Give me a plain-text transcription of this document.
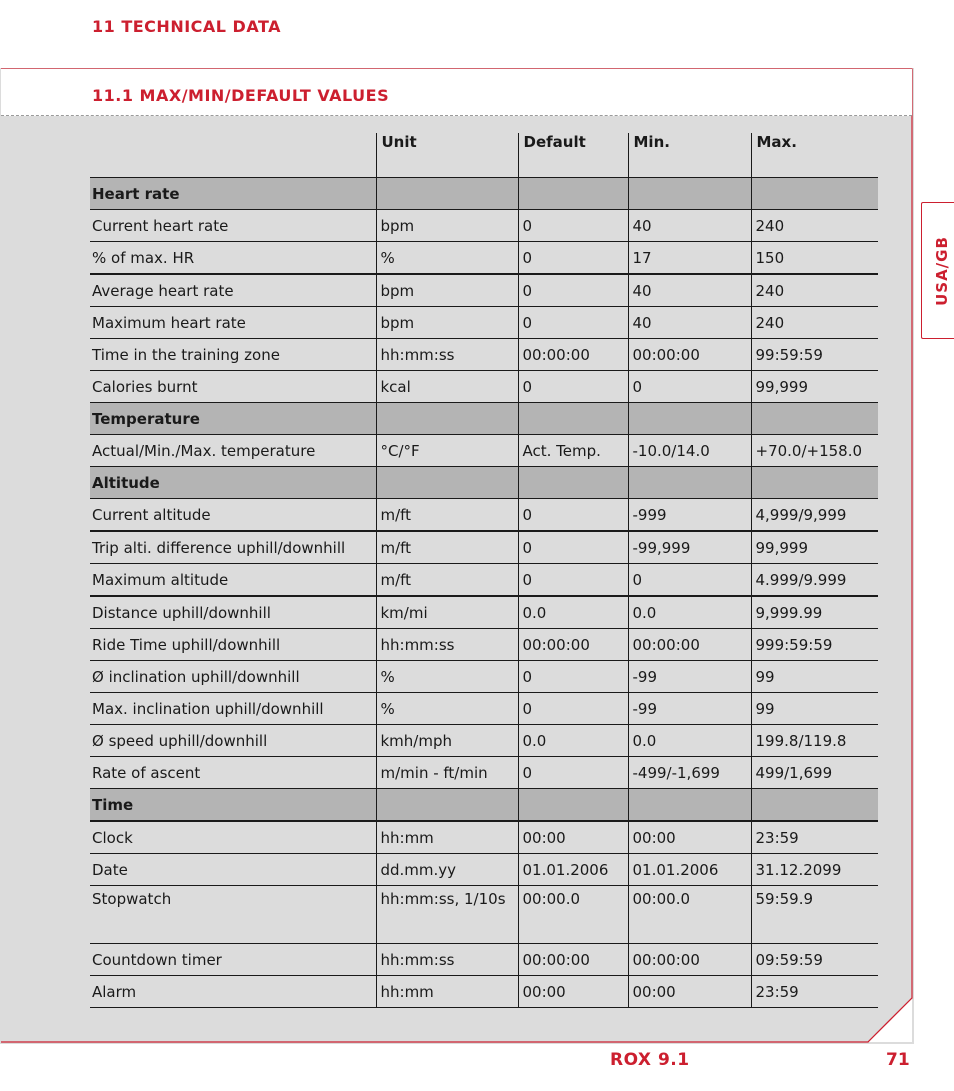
11 TECHNICAL DATA
11.1 MAX/MIN/DEFAULT VALUES
USA/GB
	Unit	Default	Min.	Max.
Heart rate				
Current heart rate	bpm	0	40	240
% of max. HR	%	0	17	150
Average heart rate	bpm	0	40	240
Maximum heart rate	bpm	0	40	240
Time in the training zone	hh:mm:ss	00:00:00	00:00:00	99:59:59
Calories burnt	kcal	0	0	99,999
Temperature				
Actual/Min./Max. temperature	°C/°F	Act. Temp.	-10.0/14.0	+70.0/+158.0
Altitude				
Current altitude	m/ft	0	-999	4,999/9,999
Trip alti. difference uphill/downhill	m/ft	0	-99,999	99,999
Maximum altitude	m/ft	0	0	4.999/9.999
Distance uphill/downhill	km/mi	0.0	0.0	9,999.99
Ride Time uphill/downhill	hh:mm:ss	00:00:00	00:00:00	999:59:59
Ø inclination uphill/downhill	%	0	-99	99
Max. inclination uphill/downhill	%	0	-99	99
Ø speed uphill/downhill	kmh/mph	0.0	0.0	199.8/119.8
Rate of ascent	m/min - ft/min	0	-499/-1,699	499/1,699
Time				
Clock	hh:mm	00:00	00:00	23:59
Date	dd.mm.yy	01.01.2006	01.01.2006	31.12.2099
Stopwatch	hh:mm:ss, 1/10s	00:00.0	00:00.0	59:59.9
Countdown timer	hh:mm:ss	00:00:00	00:00:00	09:59:59
Alarm	hh:mm	00:00	00:00	23:59
ROX 9.1	71
